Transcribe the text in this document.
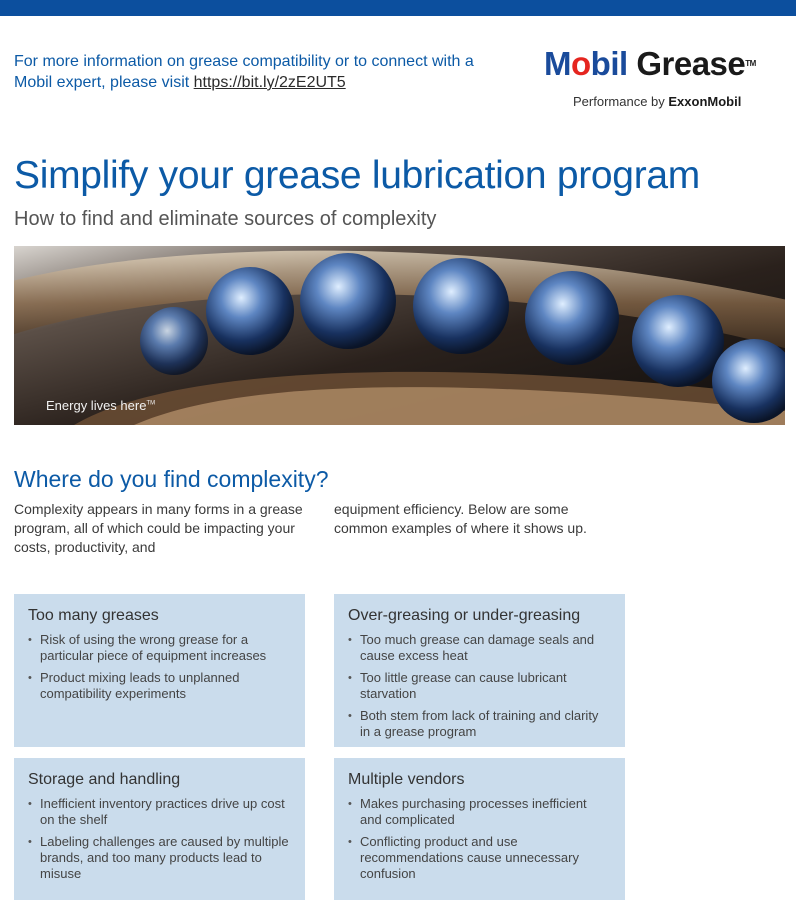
For more information on grease compatibility or to connect with a Mobil expert, please visit https://bit.ly/2zE2UT5
Mobil Grease™
Performance by ExxonMobil
Simplify your grease lubrication program
How to find and eliminate sources of complexity
Energy lives here™
Where do you find complexity?
Complexity appears in many forms in a grease program, all of which could be impacting your costs, productivity, and
equipment efficiency. Below are some common examples of where it shows up.
Too many greases
• Risk of using the wrong grease for a particular piece of equipment increases
• Product mixing leads to unplanned compatibility experiments
Over-greasing or under-greasing
• Too much grease can damage seals and cause excess heat
• Too little grease can cause lubricant starvation
• Both stem from lack of training and clarity in a grease program
Storage and handling
• Inefficient inventory practices drive up cost on the shelf
• Labeling challenges are caused by multiple brands, and too many products lead to misuse
Multiple vendors
• Makes purchasing processes inefficient and complicated
• Conflicting product and use recommendations cause unnecessary confusion
